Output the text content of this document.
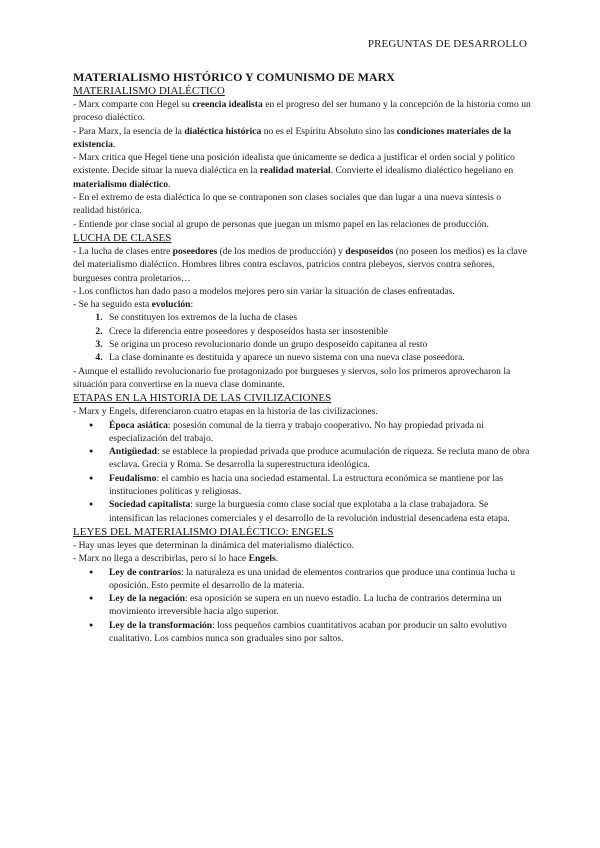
PREGUNTAS DE DESARROLLO
MATERIALISMO HISTÓRICO Y COMUNISMO DE MARX
MATERIALISMO DIALÉCTICO

- Marx comparte con Hegel su creencia idealista en el progreso del ser humano y la concepción de la historia como un proceso dialéctico.

- Para Marx, la esencia de la dialéctica histórica no es el Espíritu Absoluto sino las condiciones materiales de la existencia.

- Marx critica que Hegel tiene una posición idealista que únicamente se dedica a justificar el orden social y político existente. Decide situar la nueva dialéctica en la realidad material. Convierte el idealismo dialéctico hegeliano en materialismo dialéctico.

- En el extremo de esta dialéctica lo que se contraponen son clases sociales que dan lugar a una nueva síntesis o realidad histórica.

- Entiende por clase social al grupo de personas que juegan un mismo papel en las relaciones de producción.

LUCHA DE CLASES

- La lucha de clases entre poseedores (de los medios de producción) y desposeídos (no poseen los medios) es la clave del materialismo dialéctico. Hombres libres contra esclavos, patricios contra plebeyos, siervos contra señores, burgueses contra proletarios…

- Los conflictos han dado paso a modelos mejores pero sin variar la situación de clases enfrentadas.

- Se ha seguido esta evolución:

1. Se constituyen los extremos de la lucha de clases
2. Crece la diferencia entre poseedores y desposeídos hasta ser insostenible
3. Se origina un proceso revolucionario donde un grupo desposeído capitanea al resto
4. La clase dominante es destituida y aparece un nuevo sistema con una nueva clase poseedora.

- Aunque el estallido revolucionario fue protagonizado por burgueses y siervos, solo los primeros aprovecharon la situación para convertirse en la nueva clase dominante.

ETAPAS EN LA HISTORIA DE LAS CIVILIZACIONES

- Marx y Engels, diferenciaron cuatro etapas en la historia de las civilizaciones.

● Época asiática: posesión comunal de la tierra y trabajo cooperativo. No hay propiedad privada ni especialización del trabajo.
● Antigüedad: se establece la propiedad privada que produce acumulación de riqueza. Se recluta mano de obra esclava. Grecia y Roma. Se desarrolla la superestructura ideológica.
● Feudalismo: el cambio es hacia una sociedad estamental. La estructura económica se mantiene por las instituciones políticas y religiosas.
● Sociedad capitalista: surge la burguesía como clase social que explotaba a la clase trabajadora. Se intensifican las relaciones comerciales y el desarrollo de la revolución industrial desencadena esta etapa.
LEYES DEL MATERIALISMO DIALÉCTICO: ENGELS

- Hay unas leyes que determinan la dinámica del materialismo dialéctico.

- Marx no llega a describirlas, pero sí lo hace Engels.

● Ley de contrarios: la naturaleza es una unidad de elementos contrarios que produce una continua lucha u oposición. Esto permite el desarrollo de la materia.
● Ley de la negación: esa oposición se supera en un nuevo estadio. La lucha de contrarios determina un movimiento irreversible hacia algo superior.
● Ley de la transformación: loss pequeños cambios cuantitativos acaban por producir un salto evolutivo cualitativo. Los cambios nunca son graduales sino por saltos.
